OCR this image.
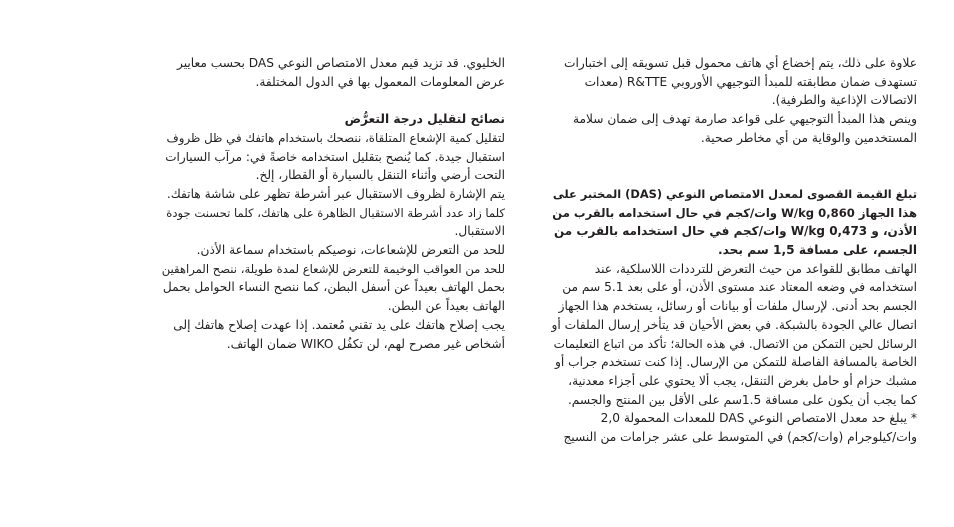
علاوة على ذلك، يتم إخضاع أي هاتف محمول قبل تسويقه إلى اختبارات
تستهدف ضمان مطابقته للمبدأ التوجيهي الأوروبي R&TTE (معدات
الاتصالات الإذاعية والطرفية).
وينص هذا المبدأ التوجيهي على قواعد صارمة تهدف إلى ضمان سلامة
المستخدمين والوقاية من أي مخاطر صحية.

تبلغ القيمة القصوى لمعدل الامتصاص النوعي (DAS) المختبر على
هذا الجهاز 0,860 W/kg وات/كجم في حال استخدامه بالقرب من
الأذن، و 0,473 W/kg وات/كجم في حال استخدامه بالقرب من
الجسم، على مسافة 1,5 سم بحد.

الهاتف مطابق للقواعد من حيث التعرض للترددات اللاسلكية، عند
استخدامه في وضعه المعتاد عند مستوى الأذن، أو على بعد 5.1 سم من
الجسم بحد أدنى. لإرسال ملفات أو بيانات أو رسائل، يستخدم هذا الجهاز
اتصال عالي الجودة بالشبكة. في بعض الأحيان قد يتأخر إرسال الملفات أو
الرسائل لحين التمكن من الاتصال. في هذه الحالة؛ تأكد من اتباع التعليمات
الخاصة بالمسافة الفاصلة للتمكن من الإرسال. إذا كنت تستخدم جراب أو
مشبك حزام أو حامل بغرض التنقل، يجب ألا يحتوي على أجزاء معدنية،
كما يجب أن يكون على مسافة 1.5سم على الأقل بين المنتج والجسم.
* يبلغ حد معدل الامتصاص النوعي DAS للمعدات المحمولة 2,0
وات/كيلوجرام (وات/كجم) في المتوسط على عشر جرامات من النسيج

الخليوي. قد تزيد قيم معدل الامتصاص النوعي DAS بحسب معايير
عرض المعلومات المعمول بها في الدول المختلفة.

نصائح لتقليل درجة التعرُّض

لتقليل كمية الإشعاع المتلقاة، ننصحك باستخدام هاتفك في ظل ظروف
استقبال جيدة. كما يُنصح بتقليل استخدامه خاصةً في: مرآب السيارات
التحت أرضي وأثناء التنقل بالسيارة أو القطار، إلخ.
يتم الإشارة لظروف الاستقبال عبر أشرطة تظهر على شاشة هاتفك.
كلما زاد عدد أشرطة الاستقبال الظاهرة على هاتفك، كلما تحسنت جودة
الاستقبال.
للحد من التعرض للإشعاعات، نوصيكم باستخدام سماعة الأذن.
للحد من العواقب الوخيمة للتعرض للإشعاع لمدة طويلة، ننصح المراهقين
بحمل الهاتف بعيداً عن أسفل البطن، كما ننصح النساء الحوامل بحمل
الهاتف بعيداً عن البطن.
يجب إصلاح هاتفك على يد تقني مُعتمد. إذا عهدت إصلاح هاتفك إلى
أشخاص غير مصرح لهم، لن تكفُل WIKO ضمان الهاتف.
